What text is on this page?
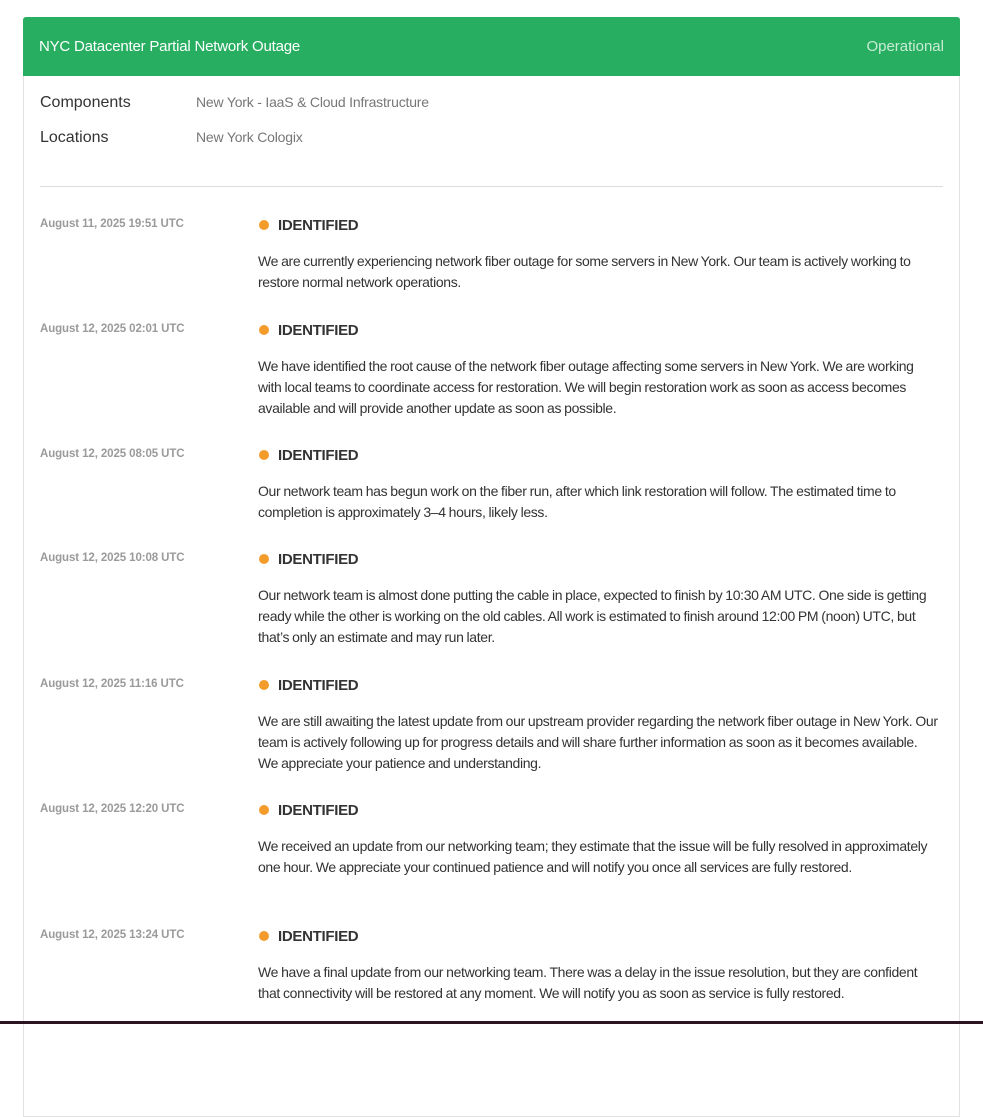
NYC Datacenter Partial Network Outage	Operational
Components	New York - IaaS & Cloud Infrastructure
Locations	New York Cologix
August 11, 2025 19:51 UTC	IDENTIFIED
We are currently experiencing network fiber outage for some servers in New York. Our team is actively working to restore normal network operations.
August 12, 2025 02:01 UTC	IDENTIFIED
We have identified the root cause of the network fiber outage affecting some servers in New York. We are working with local teams to coordinate access for restoration. We will begin restoration work as soon as access becomes available and will provide another update as soon as possible.
August 12, 2025 08:05 UTC	IDENTIFIED
Our network team has begun work on the fiber run, after which link restoration will follow. The estimated time to completion is approximately 3–4 hours, likely less.
August 12, 2025 10:08 UTC	IDENTIFIED
Our network team is almost done putting the cable in place, expected to finish by 10:30 AM UTC. One side is getting ready while the other is working on the old cables. All work is estimated to finish around 12:00 PM (noon) UTC, but that’s only an estimate and may run later.
August 12, 2025 11:16 UTC	IDENTIFIED
We are still awaiting the latest update from our upstream provider regarding the network fiber outage in New York. Our team is actively following up for progress details and will share further information as soon as it becomes available. We appreciate your patience and understanding.
August 12, 2025 12:20 UTC	IDENTIFIED
We received an update from our networking team; they estimate that the issue will be fully resolved in approximately one hour. We appreciate your continued patience and will notify you once all services are fully restored.
August 12, 2025 13:24 UTC	IDENTIFIED
We have a final update from our networking team. There was a delay in the issue resolution, but they are confident that connectivity will be restored at any moment. We will notify you as soon as service is fully restored.
